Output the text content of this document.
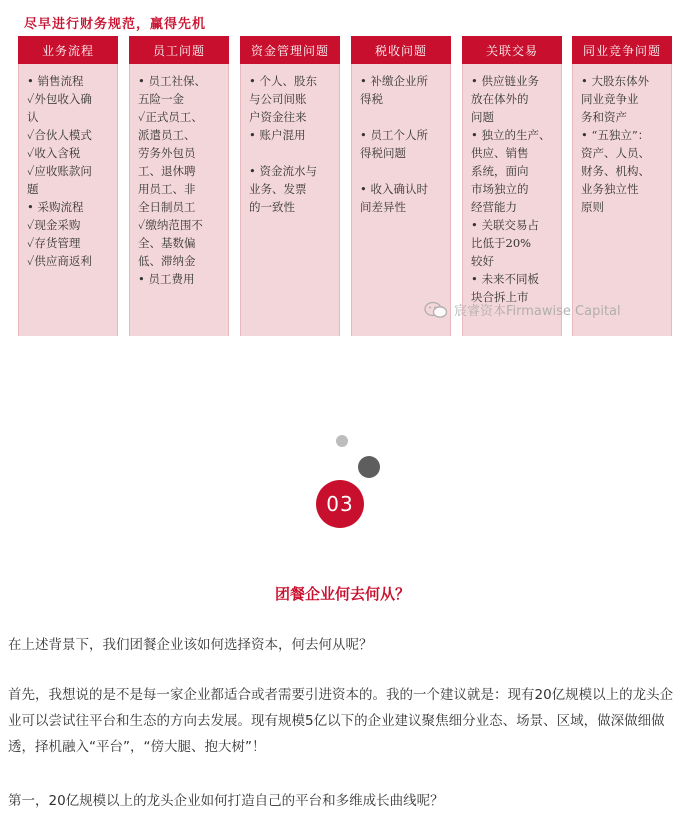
尽早进行财务规范，赢得先机
业务流程
• 销售流程
✓外包收入确
认
✓合伙人模式
✓收入含税
✓应收账款问
题
• 采购流程
✓现金采购
✓存货管理
✓供应商返利
员工问题
• 员工社保、
五险一金
✓正式员工、
派遣员工、
劳务外包员
工、退休聘
用员工、非
全日制员工
✓缴纳范围不
全、基数偏
低、滞纳金
• 员工费用
资金管理问题
• 个人、股东
与公司间账
户资金往来
• 账户混用

• 资金流水与
业务、发票
的一致性
税收问题
• 补缴企业所
得税

• 员工个人所
得税问题

• 收入确认时
间差异性
关联交易
• 供应链业务
放在体外的
问题
• 独立的生产、
供应、销售
系统，面向
市场独立的
经营能力
• 关联交易占
比低于20%
较好
• 未来不同板
块合拆上市
同业竞争问题
• 大股东体外
同业竞争业
务和资产
• “五独立”：
资产、人员、
财务、机构、
业务独立性
原则
宸睿资本Firmawise Capital
03
团餐企业何去何从？
在上述背景下，我们团餐企业该如何选择资本，何去何从呢？
首先，我想说的是不是每一家企业都适合或者需要引进资本的。我的一个建议就是：现有20亿规模以上的龙头企业可以尝试往平台和生态的方向去发展。现有规模5亿以下的企业建议聚焦细分业态、场景、区域，做深做细做透，择机融入“平台”，“傍大腿、抱大树”！
第一，20亿规模以上的龙头企业如何打造自己的平台和多维成长曲线呢？
